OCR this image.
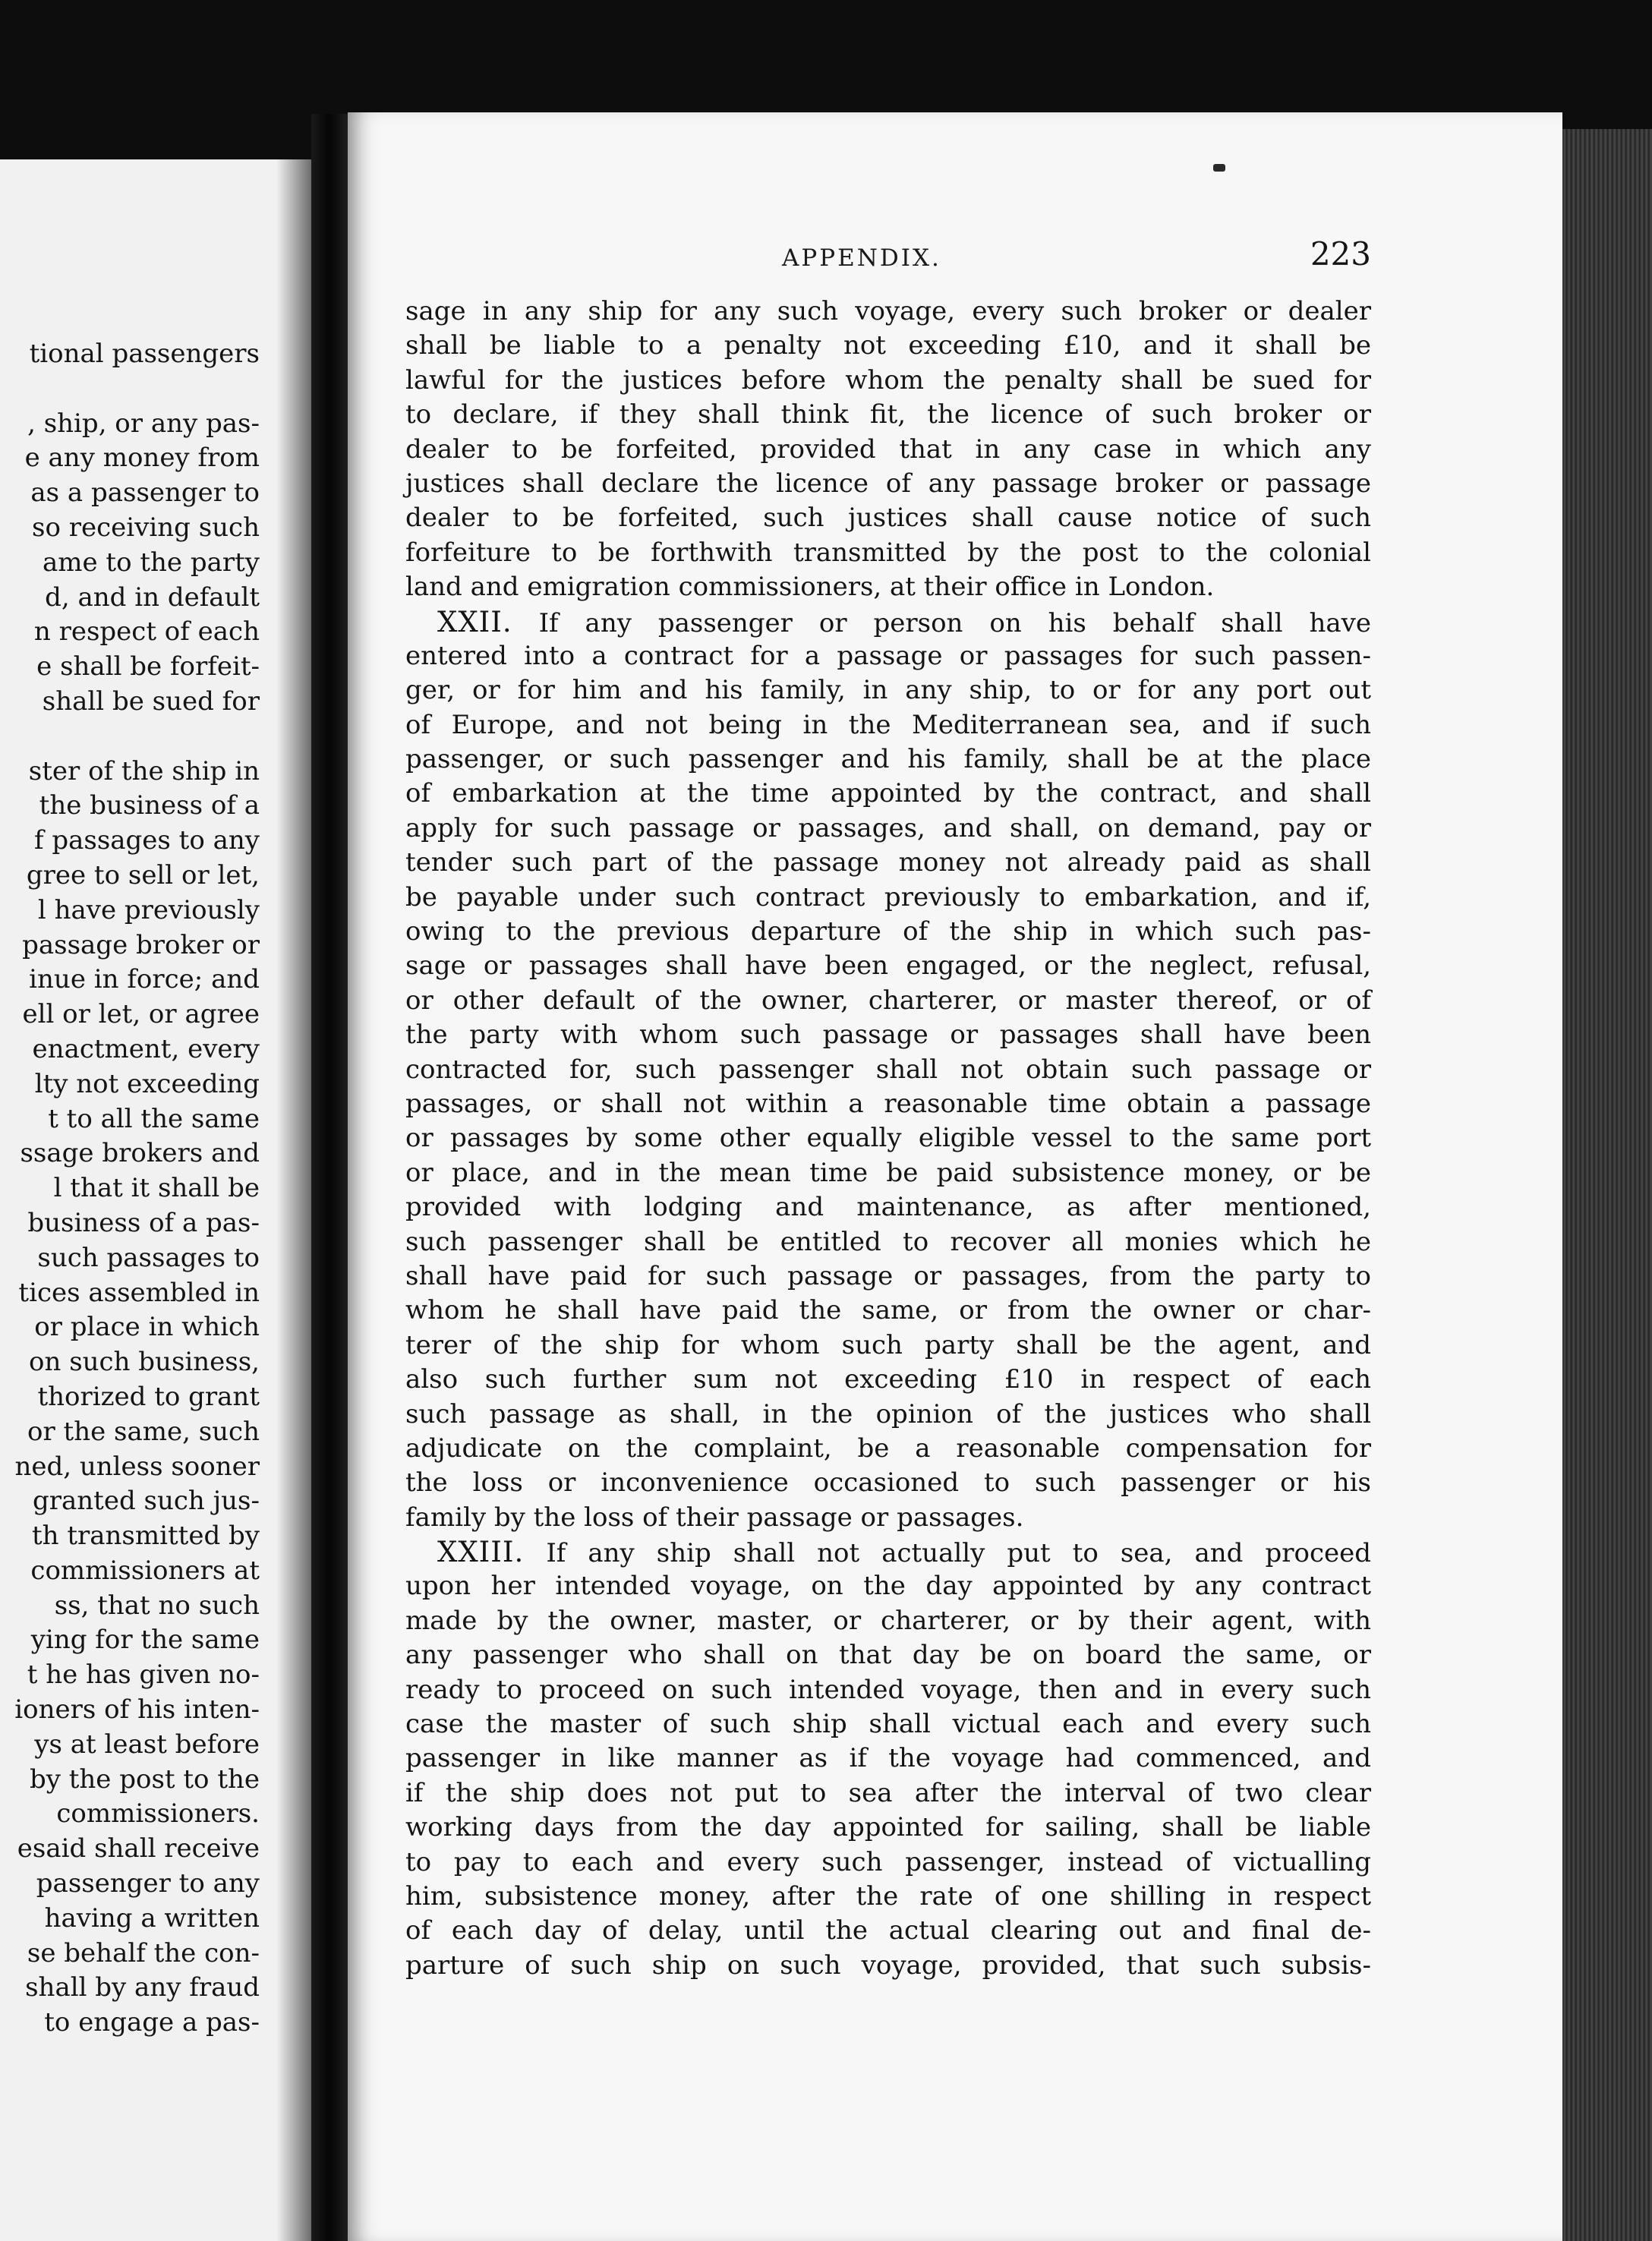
tional passengers
, ship, or any pas-
e any money from
as a passenger to
so receiving such
ame to the party
d, and in default
n respect of each
e shall be forfeit-
shall be sued for
ster of the ship in
the business of a
f passages to any
gree to sell or let,
l have previously
passage broker or
inue in force; and
ell or let, or agree
enactment, every
lty not exceeding
t to all the same
ssage brokers and
l that it shall be
business of a pas-
such passages to
tices assembled in
or place in which
on such business,
thorized to grant
or the same, such
ned, unless sooner
granted such jus-
th transmitted by
commissioners at
ss, that no such
ying for the same
t he has given no-
ioners of his inten-
ys at least before
by the post to the
commissioners.
esaid shall receive
passenger to any
having a written
se behalf the con-
shall by any fraud
to engage a pas-
APPENDIX.	223
sage in any ship for any such voyage, every such broker or dealer
shall be liable to a penalty not exceeding £10, and it shall be
lawful for the justices before whom the penalty shall be sued for
to declare, if they shall think fit, the licence of such broker or
dealer to be forfeited, provided that in any case in which any
justices shall declare the licence of any passage broker or passage
dealer to be forfeited, such justices shall cause notice of such
forfeiture to be forthwith transmitted by the post to the colonial
land and emigration commissioners, at their office in London.
XXII. If any passenger or person on his behalf shall have
entered into a contract for a passage or passages for such passen-
ger, or for him and his family, in any ship, to or for any port out
of Europe, and not being in the Mediterranean sea, and if such
passenger, or such passenger and his family, shall be at the place
of embarkation at the time appointed by the contract, and shall
apply for such passage or passages, and shall, on demand, pay or
tender such part of the passage money not already paid as shall
be payable under such contract previously to embarkation, and if,
owing to the previous departure of the ship in which such pas-
sage or passages shall have been engaged, or the neglect, refusal,
or other default of the owner, charterer, or master thereof, or of
the party with whom such passage or passages shall have been
contracted for, such passenger shall not obtain such passage or
passages, or shall not within a reasonable time obtain a passage
or passages by some other equally eligible vessel to the same port
or place, and in the mean time be paid subsistence money, or be
provided with lodging and maintenance, as after mentioned,
such passenger shall be entitled to recover all monies which he
shall have paid for such passage or passages, from the party to
whom he shall have paid the same, or from the owner or char-
terer of the ship for whom such party shall be the agent, and
also such further sum not exceeding £10 in respect of each
such passage as shall, in the opinion of the justices who shall
adjudicate on the complaint, be a reasonable compensation for
the loss or inconvenience occasioned to such passenger or his
family by the loss of their passage or passages.
XXIII. If any ship shall not actually put to sea, and proceed
upon her intended voyage, on the day appointed by any contract
made by the owner, master, or charterer, or by their agent, with
any passenger who shall on that day be on board the same, or
ready to proceed on such intended voyage, then and in every such
case the master of such ship shall victual each and every such
passenger in like manner as if the voyage had commenced, and
if the ship does not put to sea after the interval of two clear
working days from the day appointed for sailing, shall be liable
to pay to each and every such passenger, instead of victualling
him, subsistence money, after the rate of one shilling in respect
of each day of delay, until the actual clearing out and final de-
parture of such ship on such voyage, provided, that such subsis-
